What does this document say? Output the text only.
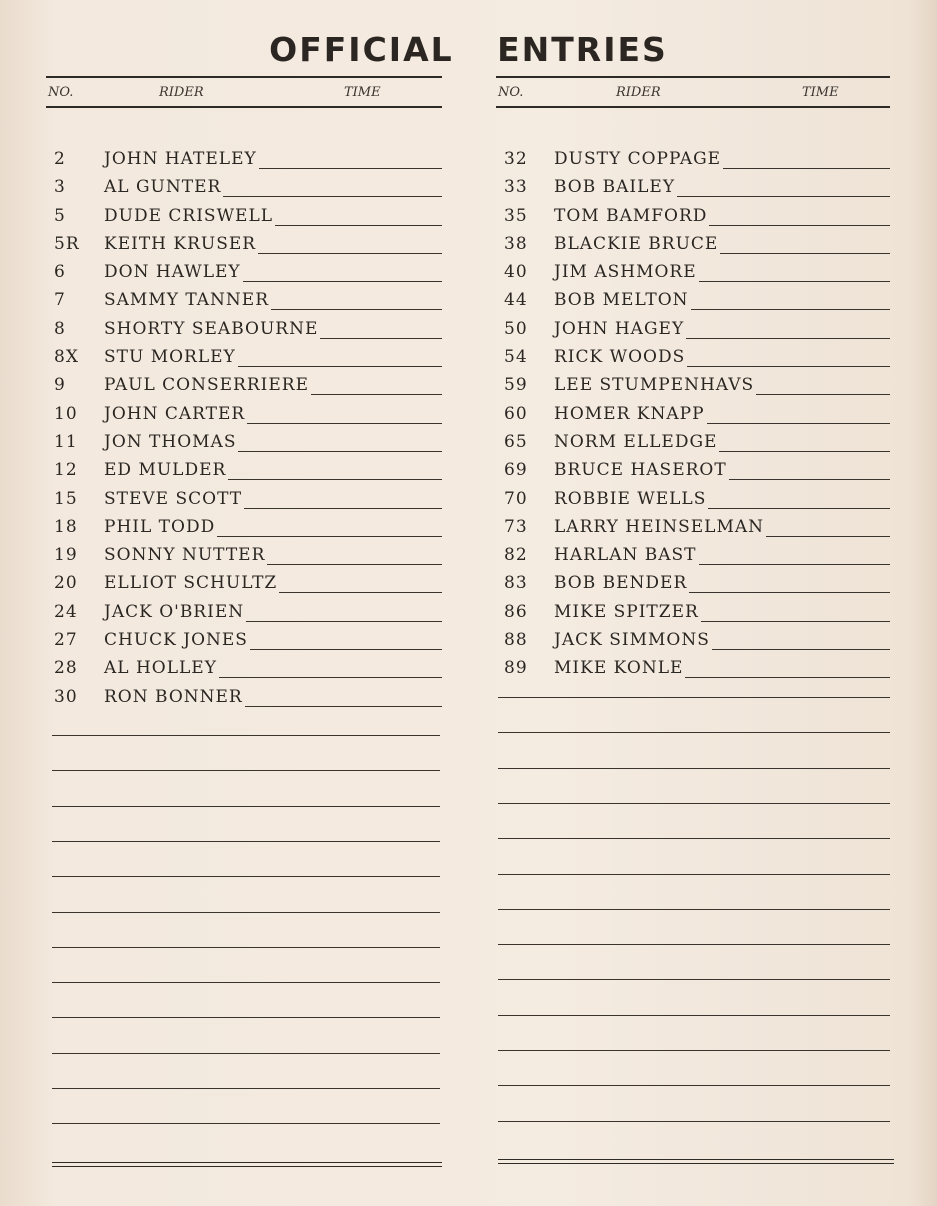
OFFICIAL ENTRIES
NO.	RIDER	TIME
2 JOHN HATELEY
3 AL GUNTER
5 DUDE CRISWELL
5R KEITH KRUSER
6 DON HAWLEY
7 SAMMY TANNER
8 SHORTY SEABOURNE
8X STU MORLEY
9 PAUL CONSERRIERE
10 JOHN CARTER
11 JON THOMAS
12 ED MULDER
15 STEVE SCOTT
18 PHIL TODD
19 SONNY NUTTER
20 ELLIOT SCHULTZ
24 JACK O'BRIEN
27 CHUCK JONES
28 AL HOLLEY
30 RON BONNER
NO.	RIDER	TIME
32 DUSTY COPPAGE
33 BOB BAILEY
35 TOM BAMFORD
38 BLACKIE BRUCE
40 JIM ASHMORE
44 BOB MELTON
50 JOHN HAGEY
54 RICK WOODS
59 LEE STUMPENHAVS
60 HOMER KNAPP
65 NORM ELLEDGE
69 BRUCE HASEROT
70 ROBBIE WELLS
73 LARRY HEINSELMAN
82 HARLAN BAST
83 BOB BENDER
86 MIKE SPITZER
88 JACK SIMMONS
89 MIKE KONLE
